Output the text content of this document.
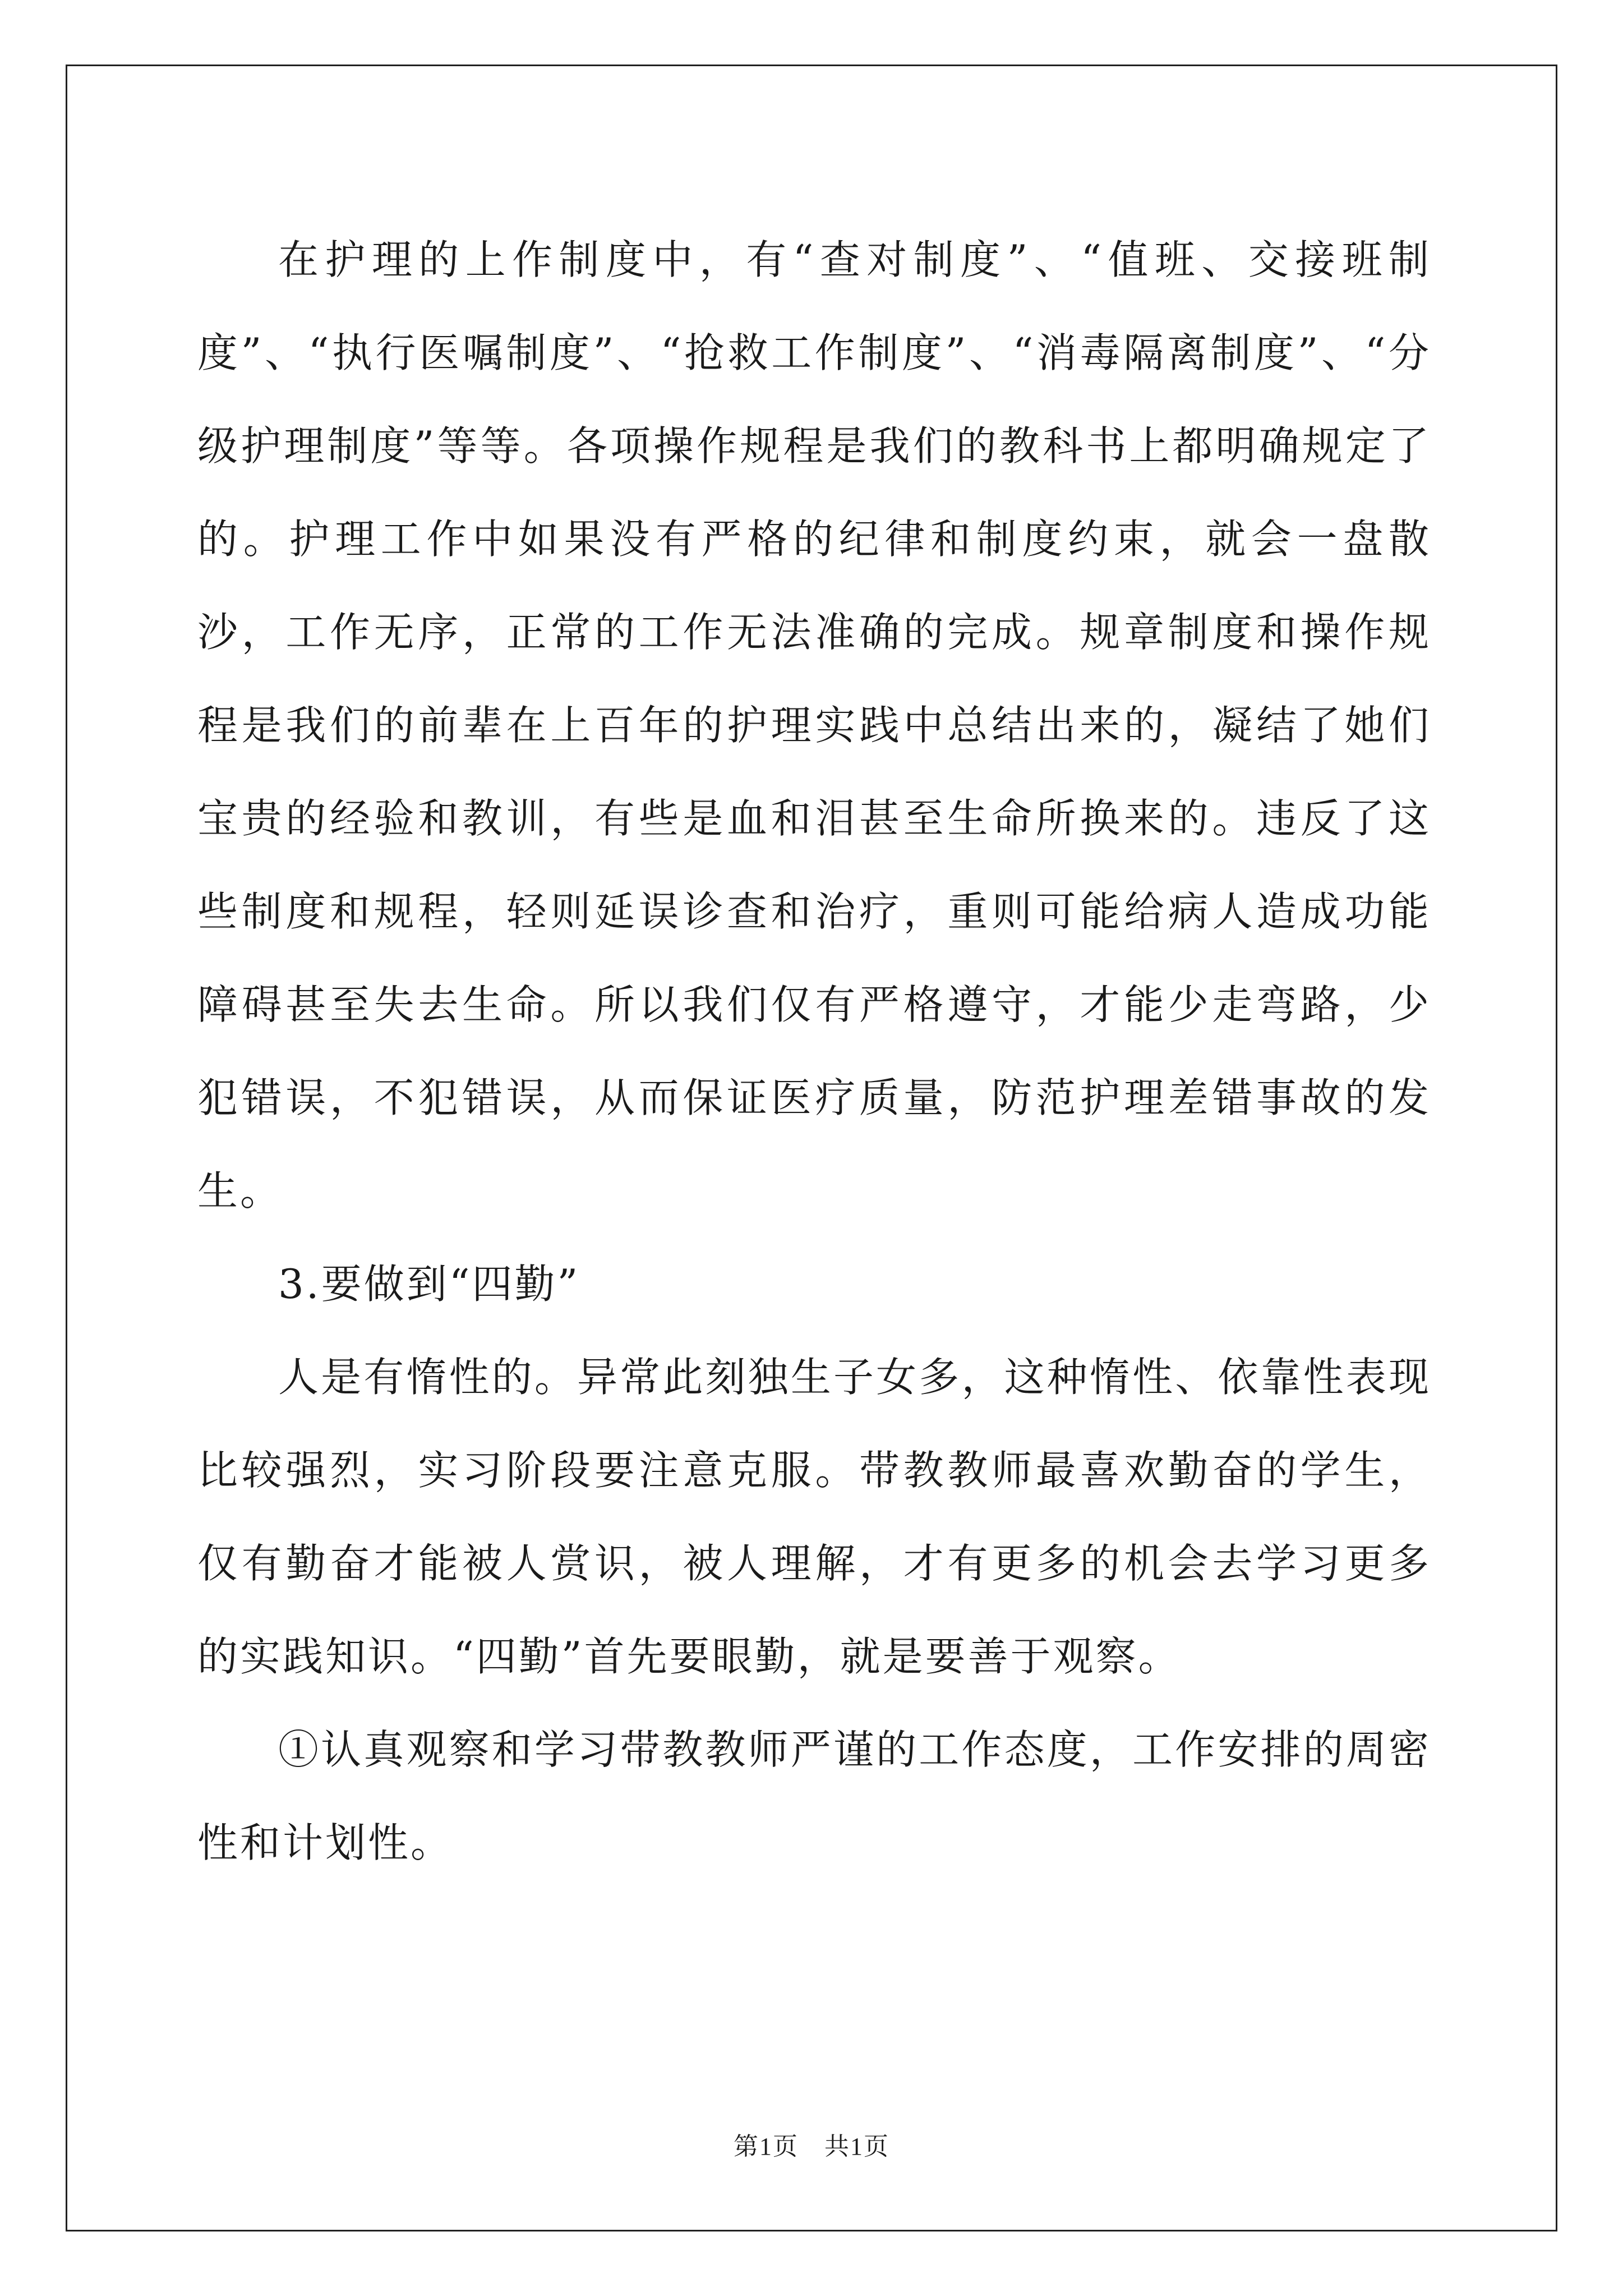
在护理的上作制度中，有“查对制度”、“值班、交接班制度”、“执行医嘱制度”、“抢救工作制度”、“消毒隔离制度”、“分级护理制度”等等。各项操作规程是我们的教科书上都明确规定了的。护理工作中如果没有严格的纪律和制度约束，就会一盘散沙，工作无序，正常的工作无法准确的完成。规章制度和操作规程是我们的前辈在上百年的护理实践中总结出来的，凝结了她们宝贵的经验和教训，有些是血和泪甚至生命所换来的。违反了这些制度和规程，轻则延误诊查和治疗，重则可能给病人造成功能障碍甚至失去生命。所以我们仅有严格遵守，才能少走弯路，少犯错误，不犯错误，从而保证医疗质量，防范护理差错事故的发生。

3.要做到“四勤”

人是有惰性的。异常此刻独生子女多，这种惰性、依靠性表现比较强烈，实习阶段要注意克服。带教教师最喜欢勤奋的学生，仅有勤奋才能被人赏识，被人理解，才有更多的机会去学习更多的实践知识。“四勤”首先要眼勤，就是要善于观察。

①认真观察和学习带教教师严谨的工作态度，工作安排的周密性和计划性。

第1页　共1页
